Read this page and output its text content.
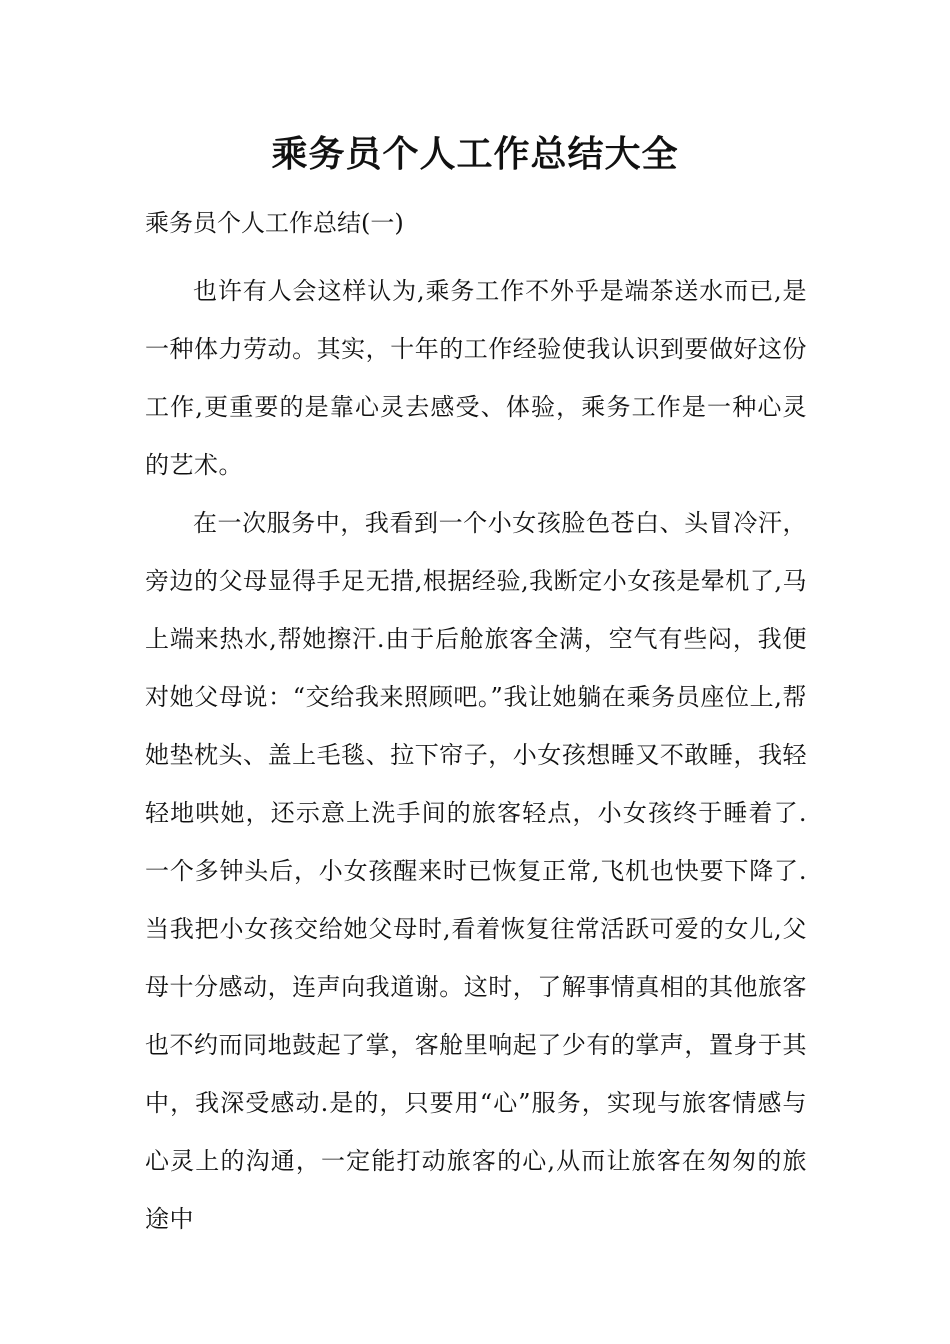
乘务员个人工作总结大全

乘务员个人工作总结(一)

也许有人会这样认为,乘务工作不外乎是端茶送水而已,是一种体力劳动。其实，十年的工作经验使我认识到要做好这份工作,更重要的是靠心灵去感受、体验，乘务工作是一种心灵的艺术。

在一次服务中，我看到一个小女孩脸色苍白、头冒冷汗，旁边的父母显得手足无措,根据经验,我断定小女孩是晕机了,马上端来热水,帮她擦汗.由于后舱旅客全满，空气有些闷，我便对她父母说：“交给我来照顾吧。”我让她躺在乘务员座位上,帮她垫枕头、盖上毛毯、拉下帘子，小女孩想睡又不敢睡，我轻轻地哄她，还示意上洗手间的旅客轻点，小女孩终于睡着了.一个多钟头后，小女孩醒来时已恢复正常,飞机也快要下降了.当我把小女孩交给她父母时,看着恢复往常活跃可爱的女儿,父母十分感动，连声向我道谢。这时，了解事情真相的其他旅客也不约而同地鼓起了掌，客舱里响起了少有的掌声，置身于其中，我深受感动.是的，只要用“心”服务，实现与旅客情感与心灵上的沟通，一定能打动旅客的心,从而让旅客在匆匆的旅途中
